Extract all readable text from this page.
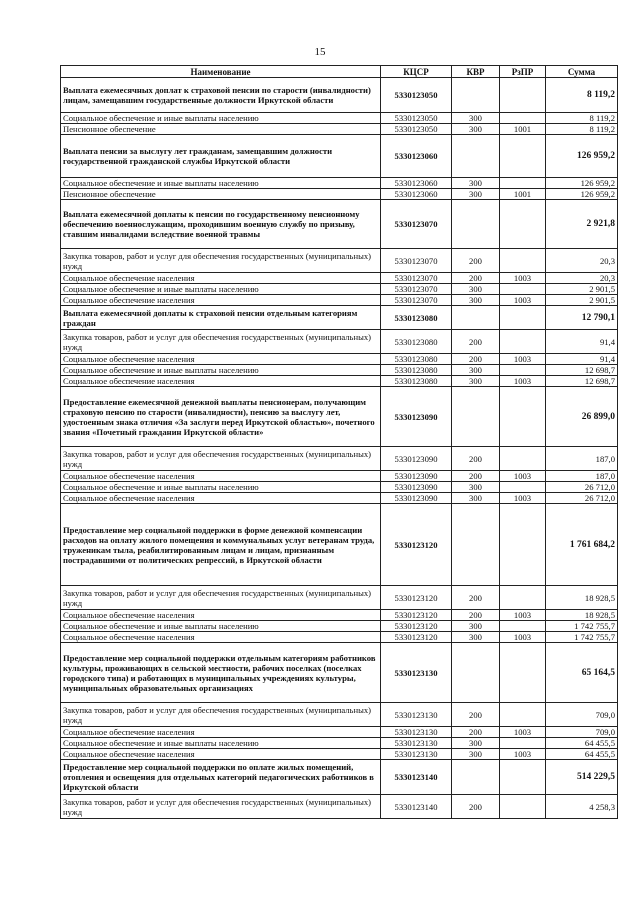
15
Наименование	КЦСР	КВР	РзПР	Сумма
Выплата ежемесячных доплат к страховой пенсии по старости (инвалидности) лицам, замещавшим государственные должности Иркутской области	5330123050			8 119,2
Социальное обеспечение и иные выплаты населению	5330123050	300		8 119,2
Пенсионное обеспечение	5330123050	300	1001	8 119,2
Выплата пенсии за выслугу лет гражданам, замещавшим должности государственной гражданской службы Иркутской области	5330123060			126 959,2
Социальное обеспечение и иные выплаты населению	5330123060	300		126 959,2
Пенсионное обеспечение	5330123060	300	1001	126 959,2
Выплата ежемесячной доплаты к пенсии по государственному пенсионному обеспечению военнослужащим, проходившим военную службу по призыву, ставшим инвалидами вследствие военной травмы	5330123070			2 921,8
Закупка товаров, работ и услуг для обеспечения государственных (муниципальных) нужд	5330123070	200		20,3
Социальное обеспечение населения	5330123070	200	1003	20,3
Социальное обеспечение и иные выплаты населению	5330123070	300		2 901,5
Социальное обеспечение населения	5330123070	300	1003	2 901,5
Выплата ежемесячной доплаты к страховой пенсии отдельным категориям граждан	5330123080			12 790,1
Закупка товаров, работ и услуг для обеспечения государственных (муниципальных) нужд	5330123080	200		91,4
Социальное обеспечение населения	5330123080	200	1003	91,4
Социальное обеспечение и иные выплаты населению	5330123080	300		12 698,7
Социальное обеспечение населения	5330123080	300	1003	12 698,7
Предоставление ежемесячной денежной выплаты пенсионерам, получающим страховую пенсию по старости (инвалидности), пенсию за выслугу лет, удостоенным знака отличия «За заслуги перед Иркутской областью», почетного звания «Почетный гражданин Иркутской области»	5330123090			26 899,0
Закупка товаров, работ и услуг для обеспечения государственных (муниципальных) нужд	5330123090	200		187,0
Социальное обеспечение населения	5330123090	200	1003	187,0
Социальное обеспечение и иные выплаты населению	5330123090	300		26 712,0
Социальное обеспечение населения	5330123090	300	1003	26 712,0
Предоставление мер социальной поддержки в форме денежной компенсации расходов на оплату жилого помещения и коммунальных услуг ветеранам труда, труженикам тыла, реабилитированным лицам и лицам, признанным пострадавшими от политических репрессий, в Иркутской области	5330123120			1 761 684,2
Закупка товаров, работ и услуг для обеспечения государственных (муниципальных) нужд	5330123120	200		18 928,5
Социальное обеспечение населения	5330123120	200	1003	18 928,5
Социальное обеспечение и иные выплаты населению	5330123120	300		1 742 755,7
Социальное обеспечение населения	5330123120	300	1003	1 742 755,7
Предоставление мер социальной поддержки отдельным категориям работников культуры, проживающих в сельской местности, рабочих поселках (поселках городского типа) и работающих в муниципальных учреждениях культуры, муниципальных образовательных организациях	5330123130			65 164,5
Закупка товаров, работ и услуг для обеспечения государственных (муниципальных) нужд	5330123130	200		709,0
Социальное обеспечение населения	5330123130	200	1003	709,0
Социальное обеспечение и иные выплаты населению	5330123130	300		64 455,5
Социальное обеспечение населения	5330123130	300	1003	64 455,5
Предоставление мер социальной поддержки по оплате жилых помещений, отопления и освещения для отдельных категорий педагогических работников в Иркутской области	5330123140			514 229,5
Закупка товаров, работ и услуг для обеспечения государственных (муниципальных) нужд	5330123140	200		4 258,3
